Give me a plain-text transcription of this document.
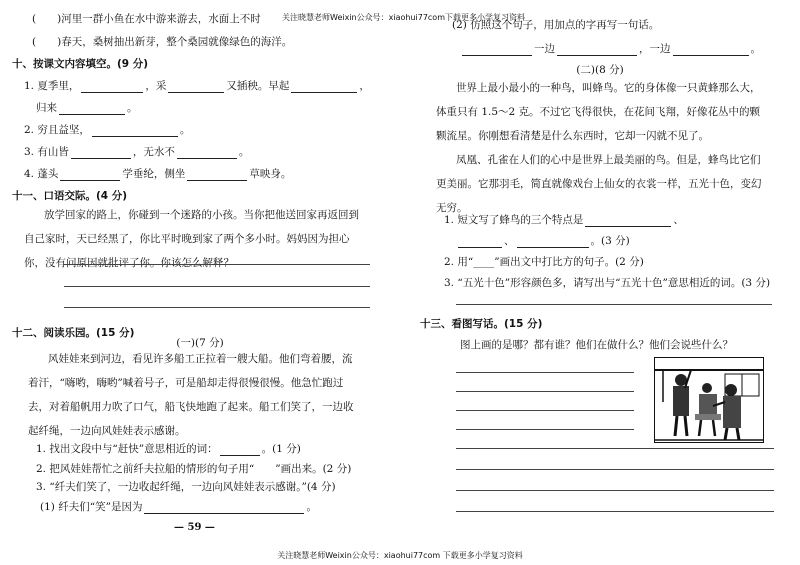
(　　)河里一群小鱼在水中游来游去，水面上不时
(　　)春天，桑树抽出新芽，整个桑园就像绿色的海洋。
十、按课文内容填空。(9 分)
1. 夏季里，	，采	又插秧。早起	，
归来	。
2. 穷且益坚，	。
3. 有山皆	，无水不	。
4. 蓬头	学垂纶，侧坐	草映身。
十一、口语交际。(4 分)
放学回家的路上，你碰到一个迷路的小孩。当你把他送回家再返回到自己家时，天已经黑了，你比平时晚到家了两个多小时。妈妈因为担心你，没有问原因就批评了你。你该怎么解释？
十二、阅读乐园。(15 分)
(一)(7 分)
风娃娃来到河边，看见许多船工正拉着一艘大船。他们弯着腰，流着汗，“嗨哟，嗨哟”喊着号子，可是船却走得很慢很慢。他急忙跑过去，对着船帆用力吹了口气，船飞快地跑了起来。船工们笑了，一边收起纤绳，一边向风娃娃表示感谢。
1. 找出文段中与“赶快”意思相近的词：	。(1 分)
2. 把风娃娃帮忙之前纤夫拉船的情形的句子用“　　”画出来。(2 分)
3. “纤夫们笑了，一边收起纤绳，一边向风娃娃表示感谢。”(4 分)
(1) 纤夫们“笑”是因为	。
— 59 —
(2) 仿照这个句子，用加点的字再写一句话。
一边	，一边	。
(二)(8 分)
世界上最小最小的一种鸟，叫蜂鸟。它的身体像一只黄蜂那么大，体重只有 1.5～2 克。不过它飞得很快，在花间飞翔，好像花丛中的颗颗流星。你刚想看清楚是什么东西时，它却一闪就不见了。
凤凰、孔雀在人们的心中是世界上最美丽的鸟。但是，蜂鸟比它们更美丽。它那羽毛，简直就像戏台上仙女的衣裳一样，五光十色，变幻无穷。
1. 短文写了蜂鸟的三个特点是	、
、	。(3 分)
2. 用“____”画出文中打比方的句子。(2 分)
3. “五光十色”形容颜色多，请写出与“五光十色”意思相近的词。(3 分)
十三、看图写话。(15 分)
图上画的是哪？都有谁？他们在做什么？他们会说些什么？
关注晓慧老师Weixin公众号：xiaohui77com下载更多小学复习资料
关注晓慧老师Weixin公众号：xiaohui77com 下载更多小学复习资料
